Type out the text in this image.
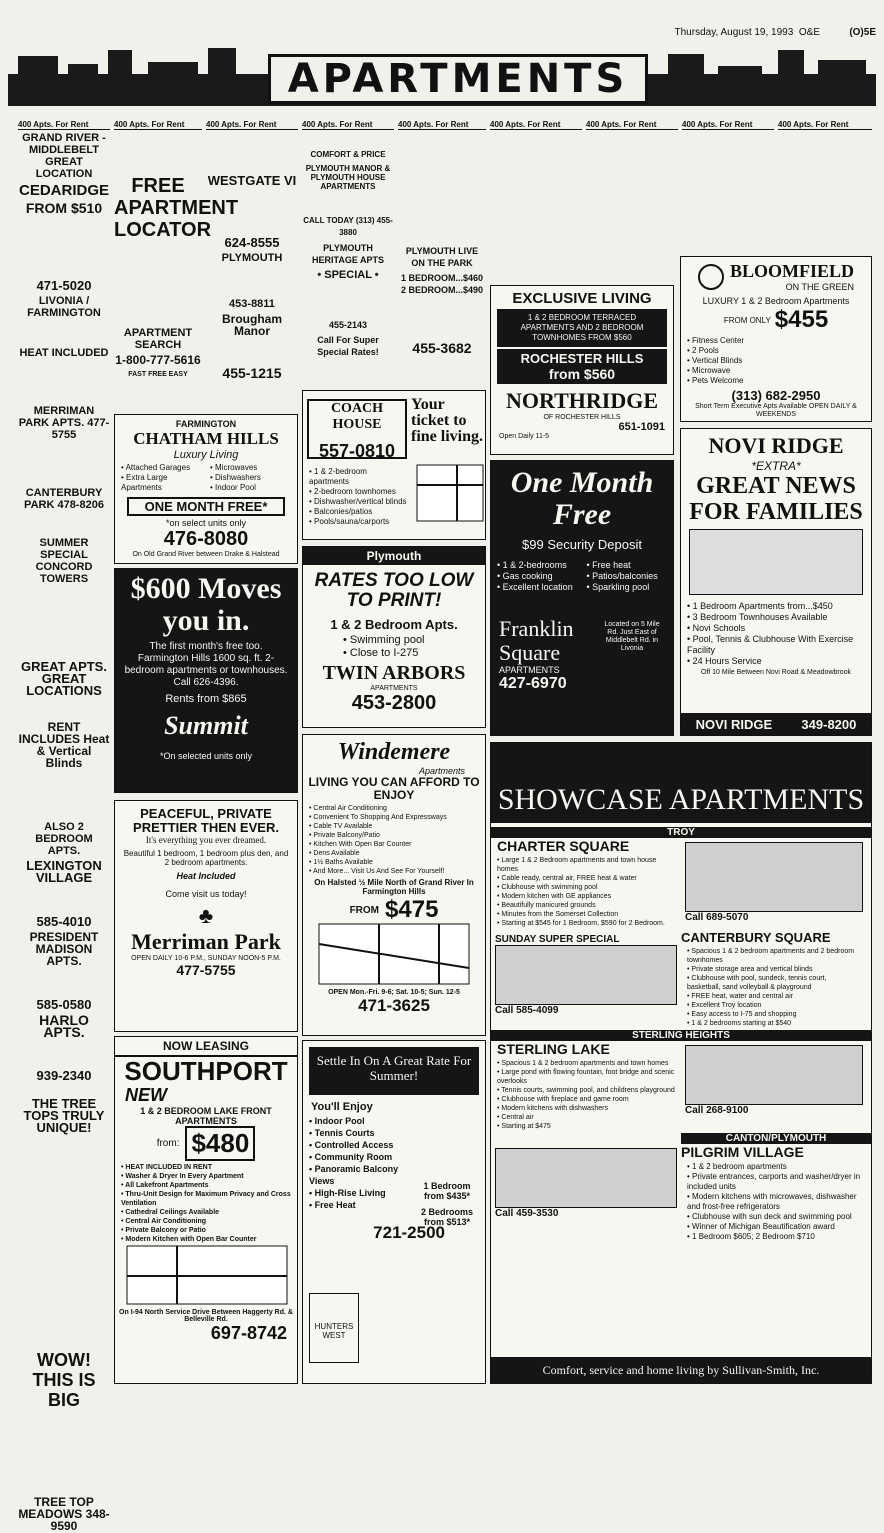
Thursday, August 19, 1993 O&E	(O)5E
APARTMENTS
400 Apts. For Rent

GRAND RIVER - MIDDLEBELT GREAT LOCATION

CEDARIDGE

FROM $510

471-5020

LIVONIA / FARMINGTON

HEAT INCLUDED

MERRIMAN PARK APTS. 477-5755

CANTERBURY PARK 478-8206

SUMMER SPECIAL CONCORD TOWERS

GREAT APTS. GREAT LOCATIONS

RENT INCLUDES Heat & Vertical Blinds

ALSO 2 BEDROOM APTS.

LEXINGTON VILLAGE

585-4010

PRESIDENT MADISON APTS.

585-0580

HARLO APTS.

939-2340

THE TREE TOPS TRULY UNIQUE!

WOW! THIS IS BIG

TREE TOP MEADOWS 348-9590

400 Apts. For Rent

FREE APARTMENT LOCATOR

APARTMENT SEARCH

1-800-777-5616

FAST FREE EASY

400 Apts. For Rent

WESTGATE VI

624-8555

PLYMOUTH

453-8811

Brougham Manor

455-1215

400 Apts. For Rent

COMFORT & PRICE

PLYMOUTH MANOR & PLYMOUTH HOUSE APARTMENTS

CALL TODAY (313) 455-3880

PLYMOUTH HERITAGE APTS

• SPECIAL •

455-2143

Call For Super Special Rates!

400 Apts. For Rent

PLYMOUTH LIVE ON THE PARK

1 BEDROOM...$460 2 BEDROOM...$490

455-3682

400 Apts. For Rent	400 Apts. For Rent	400 Apts. For Rent	400 Apts. For Rent
FARMINGTON
CHATHAM HILLS
Luxury Living
• Attached Garages
• Extra Large Apartments
• Microwaves
• Dishwashers
• Indoor Pool
ONE MONTH FREE*
*on select units only
476-8080
On Old Grand River between Drake & Halstead
COACH HOUSE
557-0810
Your ticket to fine living.
• 1 & 2-bedroom apartments
• 2-bedroom townhomes
• Dishwasher/vertical blinds
• Balconies/patios
• Pools/sauna/carports
$600 Moves you in.
The first month's free too. Farmington Hills 1600 sq. ft. 2-bedroom apartments or townhouses. Call 626-4396.
Rents from $865
Summit
*On selected units only
EXCLUSIVE LIVING
1 & 2 BEDROOM TERRACED APARTMENTS AND 2 BEDROOM TOWNHOMES FROM $560
ROCHESTER HILLS
from $560
NORTHRIDGE
OF ROCHESTER HILLS
651-1091
Open Daily 11-5
BLOOMFIELD
ON THE GREEN
LUXURY 1 & 2 Bedroom Apartments
FROM ONLY $455
• Fitness Center
• 2 Pools
• Vertical Blinds
• Microwave
• Pets Welcome
(313) 682-2950
Short Term Executive Apts Available OPEN DAILY & WEEKENDS
NOVI RIDGE
*EXTRA*
GREAT NEWS FOR FAMILIES
• 1 Bedroom Apartments from...$450
• 3 Bedroom Townhouses Available
• Novi Schools
• Pool, Tennis & Clubhouse With Exercise Facility
• 24 Hours Service
Off 10 Mile Between Novi Road & Meadowbrook
NOVI RIDGE 349-8200
One Month Free
$99 Security Deposit
• 1 & 2-bedrooms
• Gas cooking
• Excellent location
• Free heat
• Patios/balconies
• Sparkling pool
Franklin Square
APARTMENTS
427-6970
Located on 5 Mile Rd. Just East of Middlebelt Rd. in Livonia
Plymouth
RATES TOO LOW TO PRINT!
1 & 2 Bedroom Apts.
• Swimming pool
• Close to I-275
TWIN ARBORS
APARTMENTS
453-2800
Windemere
Apartments
LIVING YOU CAN AFFORD TO ENJOY
• Central Air Conditioning
• Convenient To Shopping And Expressways
• Cable TV Available
• Private Balcony/Patio
• Kitchen With Open Bar Counter
• Dens Available
• 1½ Baths Available
• And More... Visit Us And See For Yourself!
On Halsted ½ Mile North of Grand River In Farmington Hills
FROM $475
OPEN Mon.-Fri. 9-6; Sat. 10-5; Sun. 12-5
471-3625
PEACEFUL, PRIVATE PRETTIER THEN EVER.
It's everything you ever dreamed.
Beautiful 1 bedroom, 1 bedroom plus den, and 2 bedroom apartments.
Heat Included
Come visit us today!
♣
Merriman Park
OPEN DAILY 10-6 P.M., SUNDAY NOON-5 P.M.
477-5755
NOW LEASING
SOUTHPORT
NEW
1 & 2 BEDROOM LAKE FRONT APARTMENTS
from: $480
• HEAT INCLUDED IN RENT
• Washer & Dryer In Every Apartment
• All Lakefront Apartments
• Thru-Unit Design for Maximum Privacy and Cross Ventilation
• Cathedral Ceilings Available
• Central Air Conditioning
• Private Balcony or Patio
• Modern Kitchen with Open Bar Counter
On I-94 North Service Drive Between Haggerty Rd. & Belleville Rd.
697-8742
Settle In On A Great Rate For Summer!
You'll Enjoy
• Indoor Pool
• Tennis Courts
• Controlled Access
• Community Room
• Panoramic Balcony Views
• High-Rise Living
• Free Heat
1 Bedroom from $435*
2 Bedrooms from $513*
721-2500
HUNTERS WEST
SHOWCASE APARTMENTS
TROY
CHARTER SQUARE
• Large 1 & 2 Bedroom apartments and town house homes
• Cable ready, central air, FREE heat & water
• Clubhouse with swimming pool
• Modern kitchen with GE appliances
• Beautifully manicured grounds
• Minutes from the Somerset Collection
• Starting at $545 for 1 Bedroom, $590 for 2 Bedroom.
Call 689-5070
SUNDAY SUPER SPECIAL
Call 585-4099
CANTERBURY SQUARE
• Spacious 1 & 2 bedroom apartments and 2 bedroom townhomes
• Private storage area and vertical blinds
• Clubhouse with pool, sundeck, tennis court, basketball, sand volleyball & playground
• FREE heat, water and central air
• Excellent Troy location
• Easy access to I-75 and shopping
• 1 & 2 bedrooms starting at $540
STERLING HEIGHTS
STERLING LAKE
• Spacious 1 & 2 bedroom apartments and town homes
• Large pond with flowing fountain, foot bridge and scenic overlooks
• Tennis courts, swimming pool, and childrens playground
• Clubhouse with fireplace and game room
• Modern kitchens with dishwashers
• Central air
• Starting at $475
Call 268-9100
CANTON/PLYMOUTH
Call 459-3530
PILGRIM VILLAGE
• 1 & 2 bedroom apartments
• Private entrances, carports and washer/dryer in included units
• Modern kitchens with microwaves, dishwasher and frost-free refrigerators
• Clubhouse with sun deck and swimming pool
• Winner of Michigan Beautification award
• 1 Bedroom $605; 2 Bedroom $710
Comfort, service and home living by Sullivan-Smith, Inc.
